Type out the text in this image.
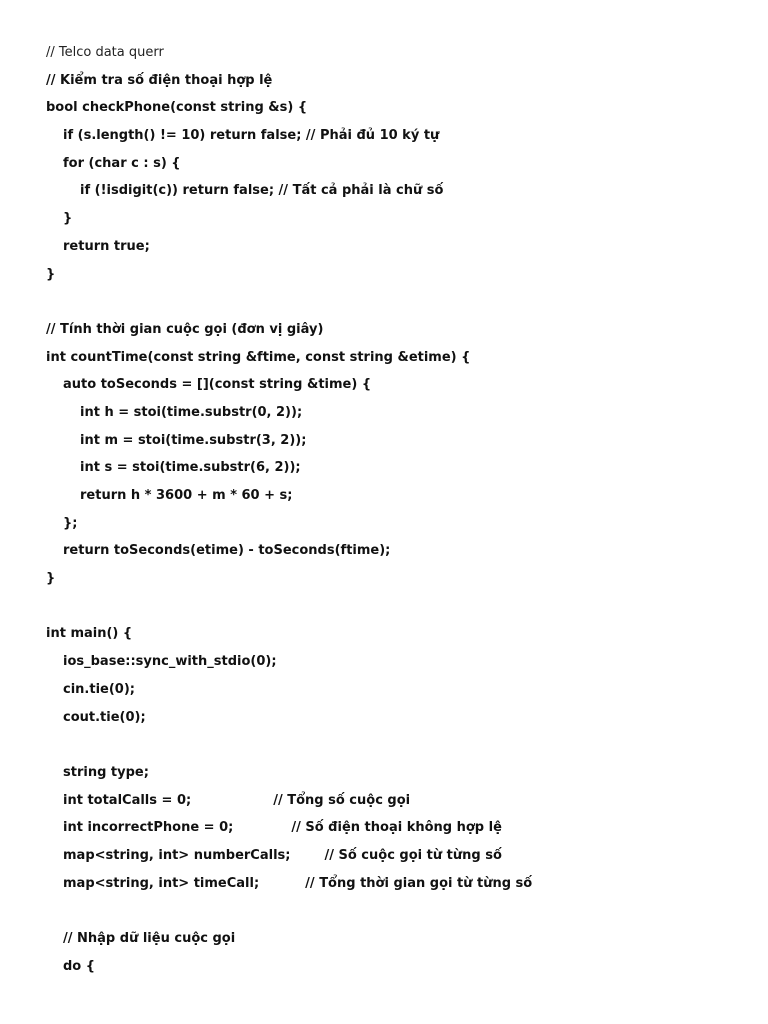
// Telco data querr
// Kiểm tra số điện thoại hợp lệ
bool checkPhone(const string &s) {
if (s.length() != 10) return false; // Phải đủ 10 ký tự
for (char c : s) {
if (!isdigit(c)) return false; // Tất cả phải là chữ số
}
return true;
}
// Tính thời gian cuộc gọi (đơn vị giây)
int countTime(const string &ftime, const string &etime) {
auto toSeconds = [](const string &time) {
int h = stoi(time.substr(0, 2));
int m = stoi(time.substr(3, 2));
int s = stoi(time.substr(6, 2));
return h * 3600 + m * 60 + s;
};
return toSeconds(etime) - toSeconds(ftime);
}
int main() {
ios_base::sync_with_stdio(0);
cin.tie(0);
cout.tie(0);
string type;
int totalCalls = 0;	// Tổng số cuộc gọi
int incorrectPhone = 0;	// Số điện thoại không hợp lệ
map<string, int> numberCalls;	// Số cuộc gọi từ từng số
map<string, int> timeCall;	// Tổng thời gian gọi từ từng số
// Nhập dữ liệu cuộc gọi
do {
